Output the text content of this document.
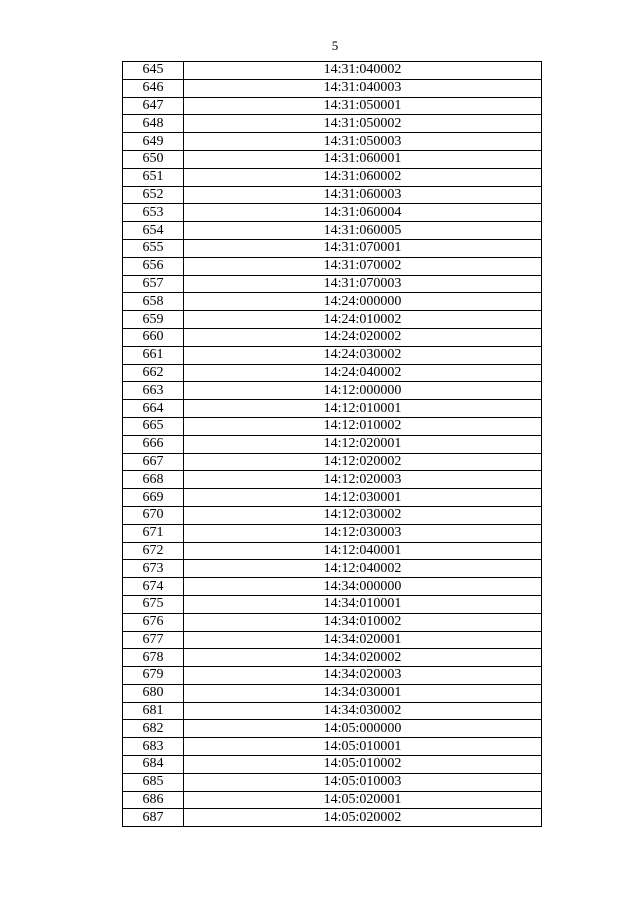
5
645	14:31:040002
646	14:31:040003
647	14:31:050001
648	14:31:050002
649	14:31:050003
650	14:31:060001
651	14:31:060002
652	14:31:060003
653	14:31:060004
654	14:31:060005
655	14:31:070001
656	14:31:070002
657	14:31:070003
658	14:24:000000
659	14:24:010002
660	14:24:020002
661	14:24:030002
662	14:24:040002
663	14:12:000000
664	14:12:010001
665	14:12:010002
666	14:12:020001
667	14:12:020002
668	14:12:020003
669	14:12:030001
670	14:12:030002
671	14:12:030003
672	14:12:040001
673	14:12:040002
674	14:34:000000
675	14:34:010001
676	14:34:010002
677	14:34:020001
678	14:34:020002
679	14:34:020003
680	14:34:030001
681	14:34:030002
682	14:05:000000
683	14:05:010001
684	14:05:010002
685	14:05:010003
686	14:05:020001
687	14:05:020002
